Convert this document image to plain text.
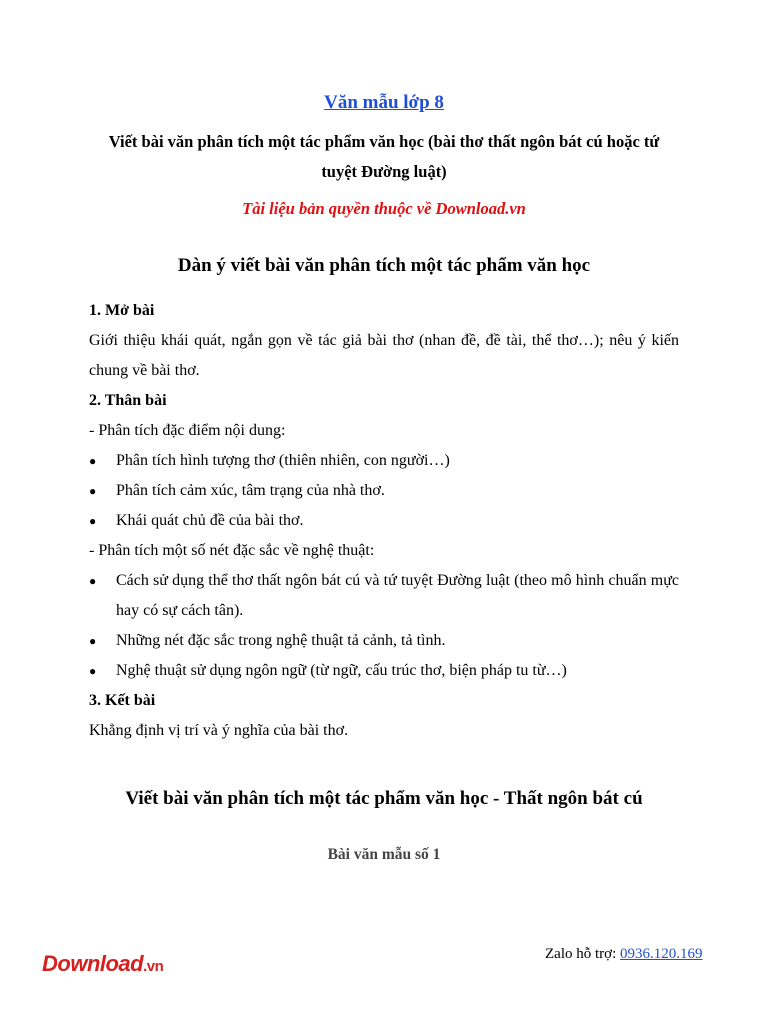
Văn mẫu lớp 8
Viết bài văn phân tích một tác phẩm văn học (bài thơ thất ngôn bát cú hoặc tứ
tuyệt Đường luật)
Tài liệu bản quyền thuộc về Download.vn
Dàn ý viết bài văn phân tích một tác phẩm văn học
1. Mở bài
Giới thiệu khái quát, ngắn gọn về tác giả bài thơ (nhan đề, đề tài, thể thơ…); nêu ý kiến chung về bài thơ.
2. Thân bài
- Phân tích đặc điểm nội dung:
● Phân tích hình tượng thơ (thiên nhiên, con người…)
● Phân tích cảm xúc, tâm trạng của nhà thơ.
● Khái quát chủ đề của bài thơ.
- Phân tích một số nét đặc sắc về nghệ thuật:
● Cách sử dụng thể thơ thất ngôn bát cú và tứ tuyệt Đường luật (theo mô hình chuẩn mực hay có sự cách tân).
● Những nét đặc sắc trong nghệ thuật tả cảnh, tả tình.
● Nghệ thuật sử dụng ngôn ngữ (từ ngữ, cấu trúc thơ, biện pháp tu từ…)
3. Kết bài
Khẳng định vị trí và ý nghĩa của bài thơ.
Viết bài văn phân tích một tác phẩm văn học - Thất ngôn bát cú
Bài văn mẫu số 1
Download.vn
Zalo hỗ trợ: 0936.120.169
